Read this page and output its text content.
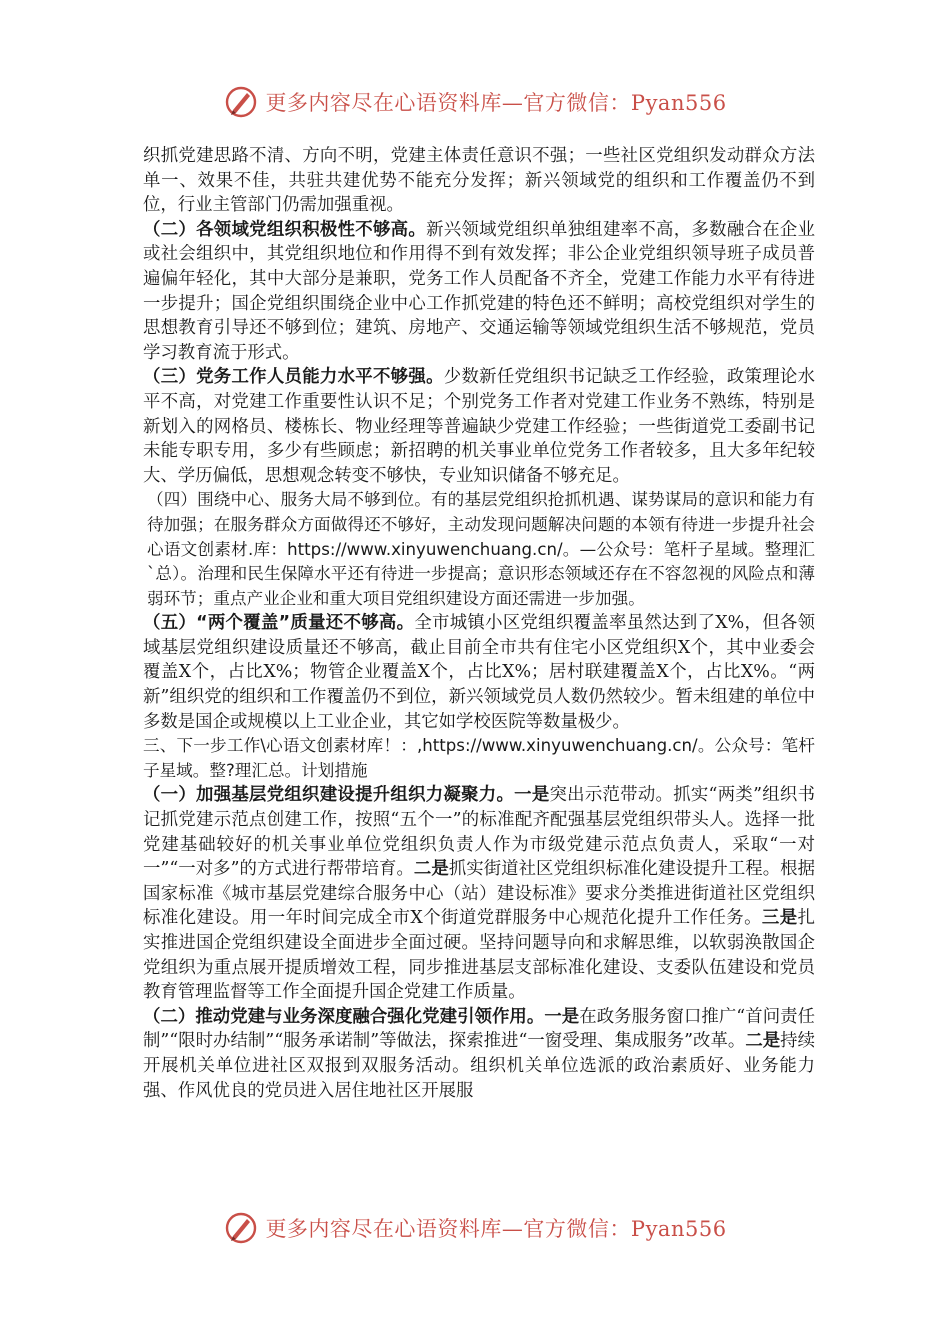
更多内容尽在心语资料库—官方微信：Pyan556

织抓党建思路不清、方向不明，党建主体责任意识不强；一些社区党组织发动群众方法单一、效果不佳，共驻共建优势不能充分发挥；新兴领域党的组织和工作覆盖仍不到位，行业主管部门仍需加强重视。

（二）各领域党组织积极性不够高。新兴领域党组织单独组建率不高，多数融合在企业或社会组织中，其党组织地位和作用得不到有效发挥；非公企业党组织领导班子成员普遍偏年轻化，其中大部分是兼职，党务工作人员配备不齐全，党建工作能力水平有待进一步提升；国企党组织围绕企业中心工作抓党建的特色还不鲜明；高校党组织对学生的思想教育引导还不够到位；建筑、房地产、交通运输等领域党组织生活不够规范，党员学习教育流于形式。

（三）党务工作人员能力水平不够强。少数新任党组织书记缺乏工作经验，政策理论水平不高，对党建工作重要性认识不足；个别党务工作者对党建工作业务不熟练，特别是新划入的网格员、楼栋长、物业经理等普遍缺少党建工作经验；一些街道党工委副书记未能专职专用，多少有些顾虑；新招聘的机关事业单位党务工作者较多，且大多年纪较大、学历偏低，思想观念转变不够快，专业知识储备不够充足。

（四）围绕中心、服务大局不够到位。有的基层党组织抢抓机遇、谋势谋局的意识和能力有待加强；在服务群众方面做得还不够好，主动发现问题解决问题的本领有待进一步提升社会心语文创素材.库：https://www.xinyuwenchuang.cn/。—公众号：笔杆子星域。整理汇`总）。治理和民生保障水平还有待进一步提高；意识形态领域还存在不容忽视的风险点和薄弱环节；重点产业企业和重大项目党组织建设方面还需进一步加强。

（五）“两个覆盖”质量还不够高。全市城镇小区党组织覆盖率虽然达到了X%，但各领域基层党组织建设质量还不够高，截止目前全市共有住宅小区党组织X个，其中业委会覆盖X个，占比X%；物管企业覆盖X个，占比X%；居村联建覆盖X个，占比X%。“两新”组织党的组织和工作覆盖仍不到位，新兴领域党员人数仍然较少。暂未组建的单位中多数是国企或规模以上工业企业，其它如学校医院等数量极少。

三、下一步工作\心语文创素材库！：,https://www.xinyuwenchuang.cn/。公众号：笔杆子星域。整?理汇总。计划措施

（一）加强基层党组织建设提升组织力凝聚力。一是突出示范带动。抓实“两类”组织书记抓党建示范点创建工作，按照“五个一”的标准配齐配强基层党组织带头人。选择一批党建基础较好的机关事业单位党组织负责人作为市级党建示范点负责人，采取“一对一”“一对多”的方式进行帮带培育。二是抓实街道社区党组织标准化建设提升工程。根据国家标准《城市基层党建综合服务中心（站）建设标准》要求分类推进街道社区党组织标准化建设。用一年时间完成全市X个街道党群服务中心规范化提升工作任务。三是扎实推进国企党组织建设全面进步全面过硬。坚持问题导向和求解思维，以软弱涣散国企党组织为重点展开提质增效工程，同步推进基层支部标准化建设、支委队伍建设和党员教育管理监督等工作全面提升国企党建工作质量。

（二）推动党建与业务深度融合强化党建引领作用。一是在政务服务窗口推广“首问责任制”“限时办结制”“服务承诺制”等做法，探索推进“一窗受理、集成服务”改革。二是持续开展机关单位进社区双报到双服务活动。组织机关单位选派的政治素质好、业务能力强、作风优良的党员进入居住地社区开展服

更多内容尽在心语资料库—官方微信：Pyan556
